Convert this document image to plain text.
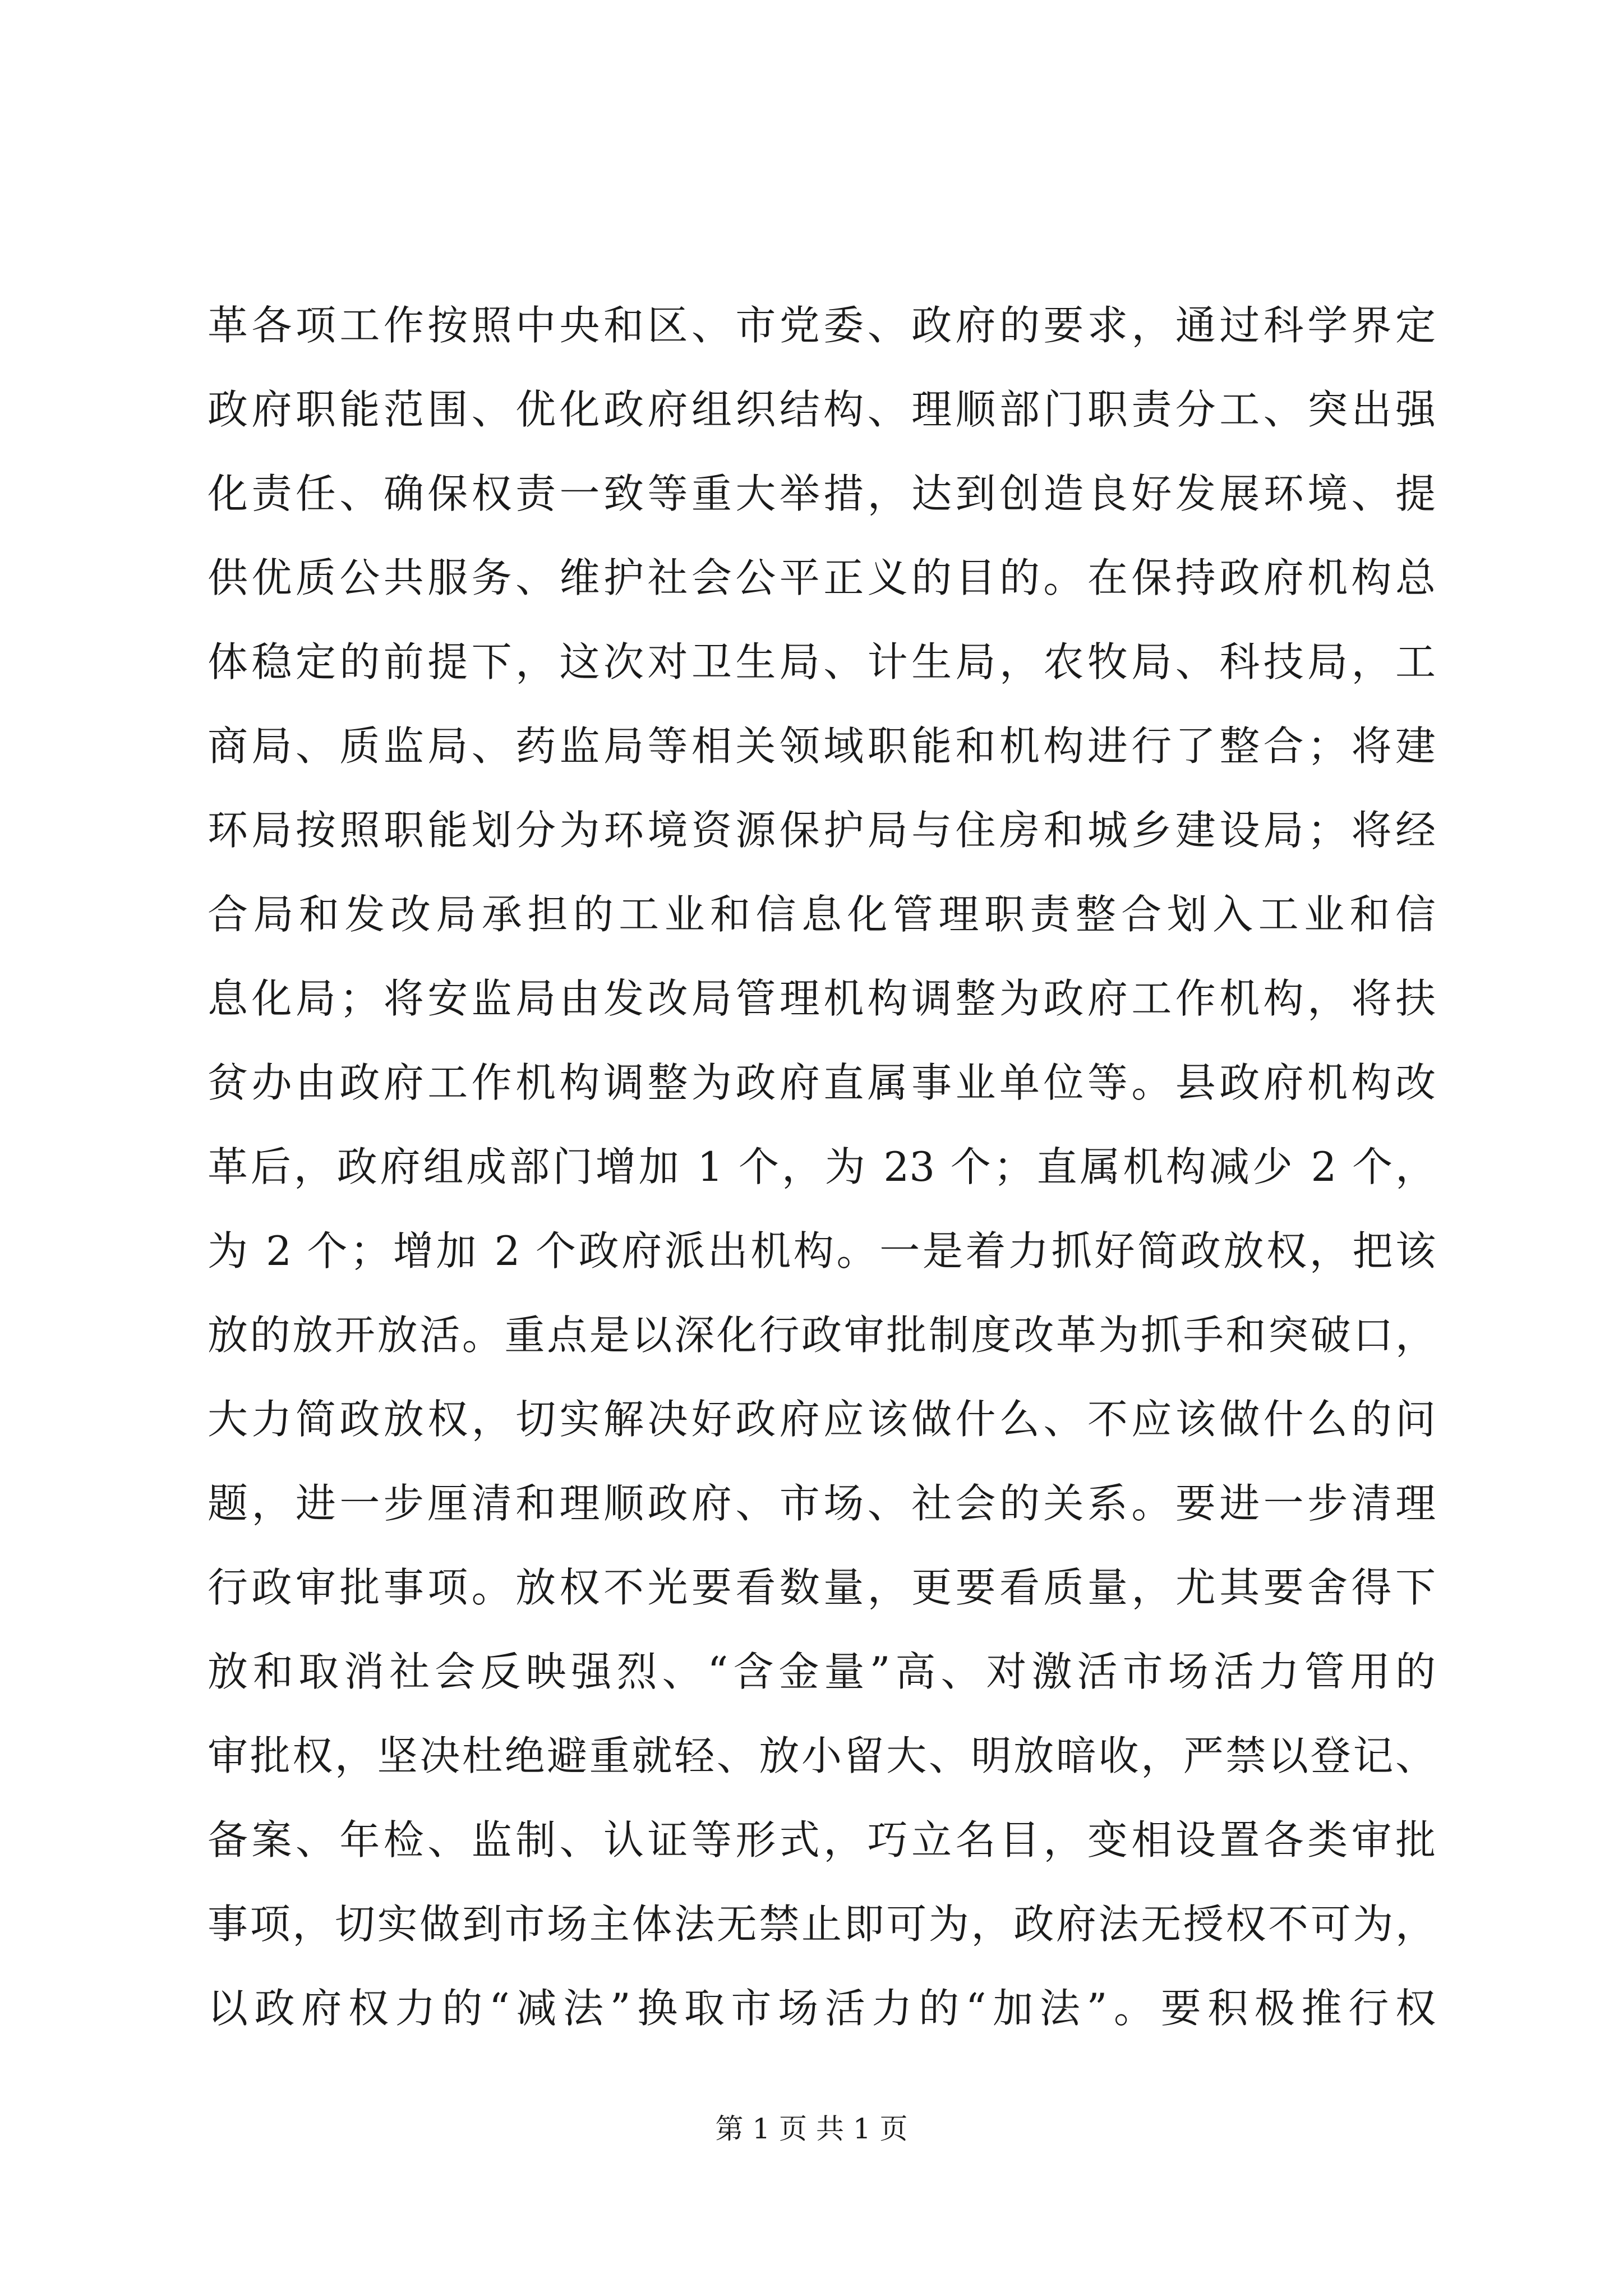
革各项工作按照中央和区、市党委、政府的要求，通过科学界定
政府职能范围、优化政府组织结构、理顺部门职责分工、突出强
化责任、确保权责一致等重大举措，达到创造良好发展环境、提
供优质公共服务、维护社会公平正义的目的。在保持政府机构总
体稳定的前提下，这次对卫生局、计生局，农牧局、科技局，工
商局、质监局、药监局等相关领域职能和机构进行了整合；将建
环局按照职能划分为环境资源保护局与住房和城乡建设局；将经
合局和发改局承担的工业和信息化管理职责整合划入工业和信
息化局；将安监局由发改局管理机构调整为政府工作机构，将扶
贫办由政府工作机构调整为政府直属事业单位等。县政府机构改
革后，政府组成部门增加 1 个，为 23 个；直属机构减少 2 个，
为 2 个；增加 2 个政府派出机构。一是着力抓好简政放权，把该
放的放开放活。重点是以深化行政审批制度改革为抓手和突破口，
大力简政放权，切实解决好政府应该做什么、不应该做什么的问
题，进一步厘清和理顺政府、市场、社会的关系。要进一步清理
行政审批事项。放权不光要看数量，更要看质量，尤其要舍得下
放和取消社会反映强烈、“含金量”高、对激活市场活力管用的
审批权，坚决杜绝避重就轻、放小留大、明放暗收，严禁以登记、
备案、年检、监制、认证等形式，巧立名目，变相设置各类审批
事项，切实做到市场主体法无禁止即可为，政府法无授权不可为，
以政府权力的“减法”换取市场活力的“加法”。要积极推行权
第 1 页 共 1 页
